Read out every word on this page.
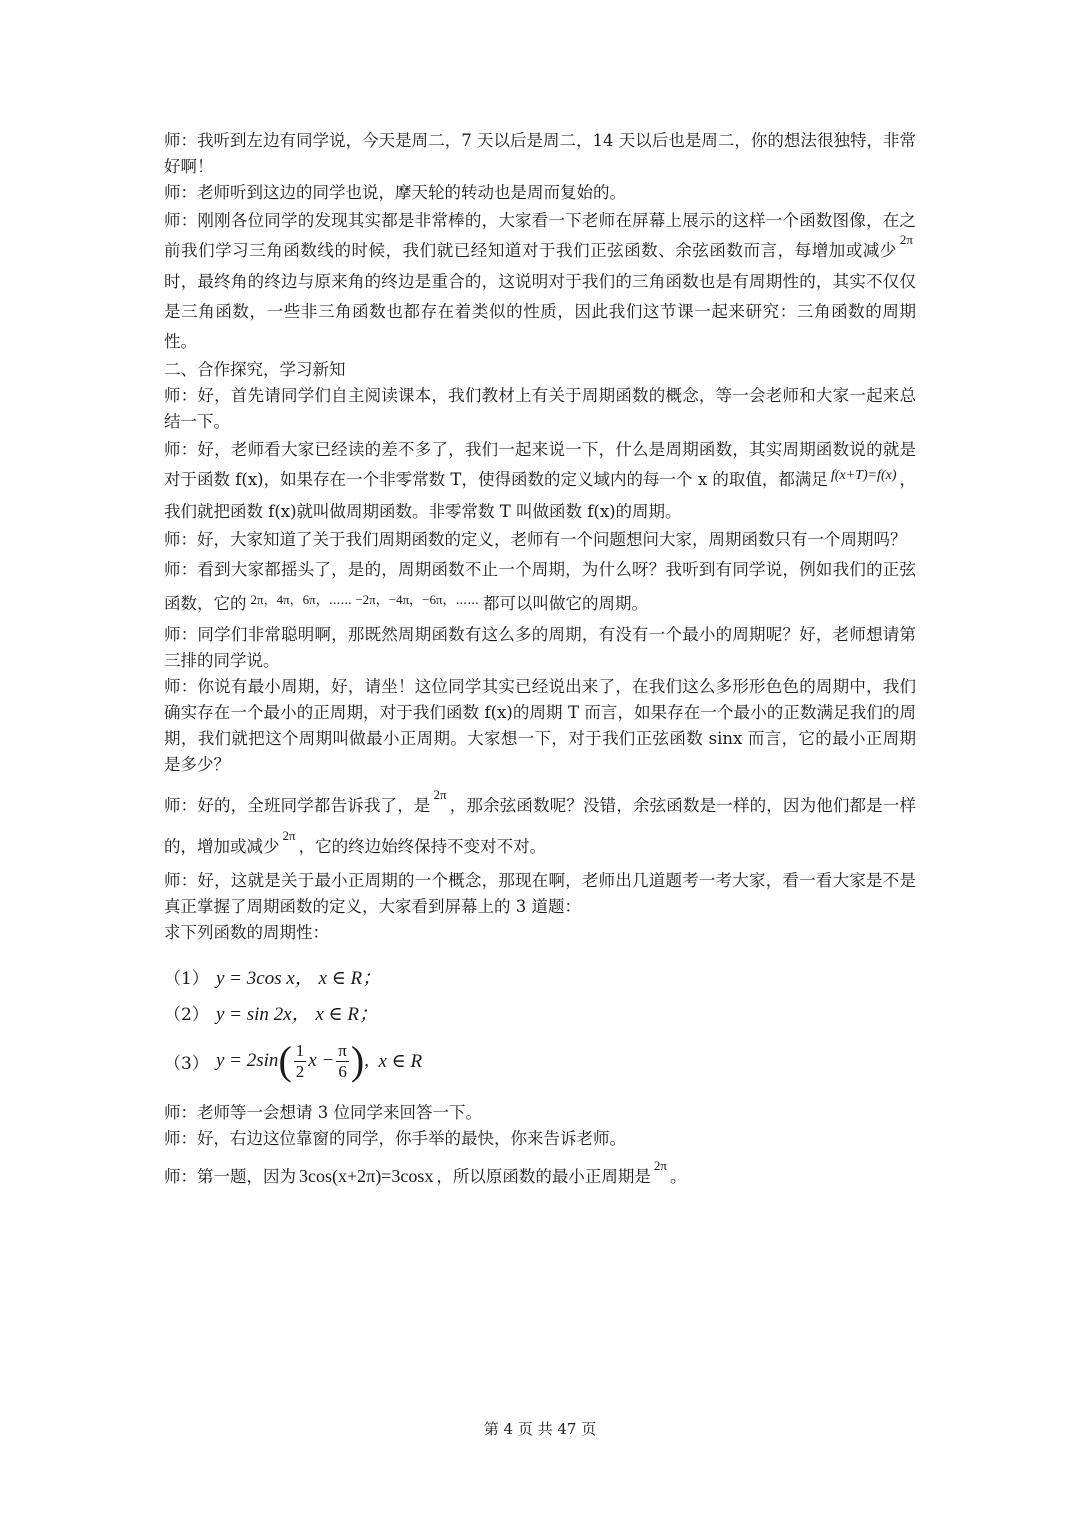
师：我听到左边有同学说，今天是周二，7 天以后是周二，14 天以后也是周二，你的想法很独特，非常好啊！

师：老师听到这边的同学也说，摩天轮的转动也是周而复始的。

师：刚刚各位同学的发现其实都是非常棒的，大家看一下老师在屏幕上展示的这样一个函数图像，在之前我们学习三角函数线的时候，我们就已经知道对于我们正弦函数、余弦函数而言，每增加或减少$^{2\pi}$时，最终角的终边与原来角的终边是重合的，这说明对于我们的三角函数也是有周期性的，其实不仅仅是三角函数，一些非三角函数也都存在着类似的性质，因此我们这节课一起来研究：三角函数的周期性。

二、合作探究，学习新知

师：好，首先请同学们自主阅读课本，我们教材上有关于周期函数的概念，等一会老师和大家一起来总结一下。

师：好，老师看大家已经读的差不多了，我们一起来说一下，什么是周期函数，其实周期函数说的就是对于函数 f(x)，如果存在一个非零常数 T，使得函数的定义域内的每一个 x 的取值，都满足 $^{f(x+T)=f(x)}$ ，我们就把函数 f(x)就叫做周期函数。非零常数 T 叫做函数 f(x)的周期。

师：好，大家知道了关于我们周期函数的定义，老师有一个问题想问大家，周期函数只有一个周期吗？

师：看到大家都摇头了，是的，周期函数不止一个周期，为什么呀？我听到有同学说，例如我们的正弦函数，它的 $^{2\pi,4\pi,6\pi,\cdots\cdots -2\pi,-4\pi,-6\pi,\cdots\cdots}$ 都可以叫做它的周期。

师：同学们非常聪明啊，那既然周期函数有这么多的周期，有没有一个最小的周期呢？好，老师想请第三排的同学说。

师：你说有最小周期，好，请坐！这位同学其实已经说出来了，在我们这么多形形色色的周期中，我们确实存在一个最小的正周期，对于我们函数 f(x)的周期 T 而言，如果存在一个最小的正数满足我们的周期，我们就把这个周期叫做最小正周期。大家想一下，对于我们正弦函数 sinx 而言，它的最小正周期是多少？

师：好的，全班同学都告诉我了，是$^{2\pi}$，那余弦函数呢？没错，余弦函数是一样的，因为他们都是一样的，增加或减少$^{2\pi}$，它的终边始终保持不变对不对。

师：好，这就是关于最小正周期的一个概念，那现在啊，老师出几道题考一考大家，看一看大家是不是真正掌握了周期函数的定义，大家看到屏幕上的 3 道题：

求下列函数的周期性：

（1） y = 3cos x，
x ∈ R；
（2） y = sin 2x，
x ∈ R；
（3） y = 2sin ( $\frac{1}{2}$ $x - \frac{\pi}{6}$ ) , x ∈ R

师：老师等一会想请 3 位同学来回答一下。

师：好，右边这位靠窗的同学，你手举的最快，你来告诉老师。

师：第一题，因为 3cos(x+2π)=3cosx ，所以原函数的最小正周期是$^{2\pi}$。

第 4 页 共 47 页
